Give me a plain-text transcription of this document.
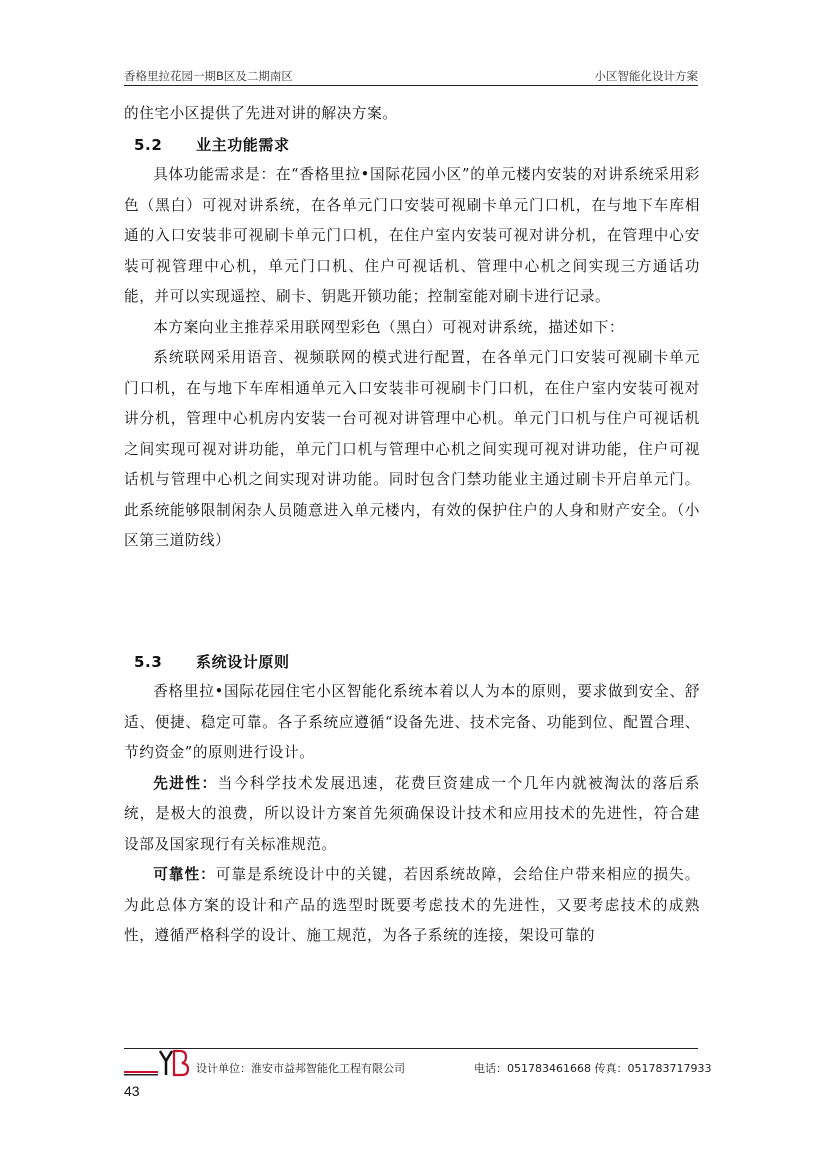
香格里拉花园一期B区及二期南区	小区智能化设计方案

的住宅小区提供了先进对讲的解决方案。

5.2 业主功能需求

具体功能需求是：在“香格里拉•国际花园小区”的单元楼内安装的对讲系统采用彩色（黑白）可视对讲系统，在各单元门口安装可视刷卡单元门口机，在与地下车库相通的入口安装非可视刷卡单元门口机，在住户室内安装可视对讲分机，在管理中心安装可视管理中心机，单元门口机、住户可视话机、管理中心机之间实现三方通话功能，并可以实现遥控、刷卡、钥匙开锁功能；控制室能对刷卡进行记录。

本方案向业主推荐采用联网型彩色（黑白）可视对讲系统，描述如下：

系统联网采用语音、视频联网的模式进行配置，在各单元门口安装可视刷卡单元门口机，在与地下车库相通单元入口安装非可视刷卡门口机，在住户室内安装可视对讲分机，管理中心机房内安装一台可视对讲管理中心机。单元门口机与住户可视话机之间实现可视对讲功能，单元门口机与管理中心机之间实现可视对讲功能，住户可视话机与管理中心机之间实现对讲功能。同时包含门禁功能业主通过刷卡开启单元门。此系统能够限制闲杂人员随意进入单元楼内，有效的保护住户的人身和财产安全。（小区第三道防线）

5.3 系统设计原则

香格里拉•国际花园住宅小区智能化系统本着以人为本的原则，要求做到安全、舒适、便捷、稳定可靠。各子系统应遵循“设备先进、技术完备、功能到位、配置合理、节约资金”的原则进行设计。

先进性：当今科学技术发展迅速，花费巨资建成一个几年内就被淘汰的落后系统，是极大的浪费，所以设计方案首先须确保设计技术和应用技术的先进性，符合建设部及国家现行有关标准规范。

可靠性：可靠是系统设计中的关键，若因系统故障，会给住户带来相应的损失。为此总体方案的设计和产品的选型时既要考虑技术的先进性，又要考虑技术的成熟性，遵循严格科学的设计、施工规范，为各子系统的连接，架设可靠的

设计单位：淮安市益邦智能化工程有限公司	电话：051783461668 传真：051783717933
43
